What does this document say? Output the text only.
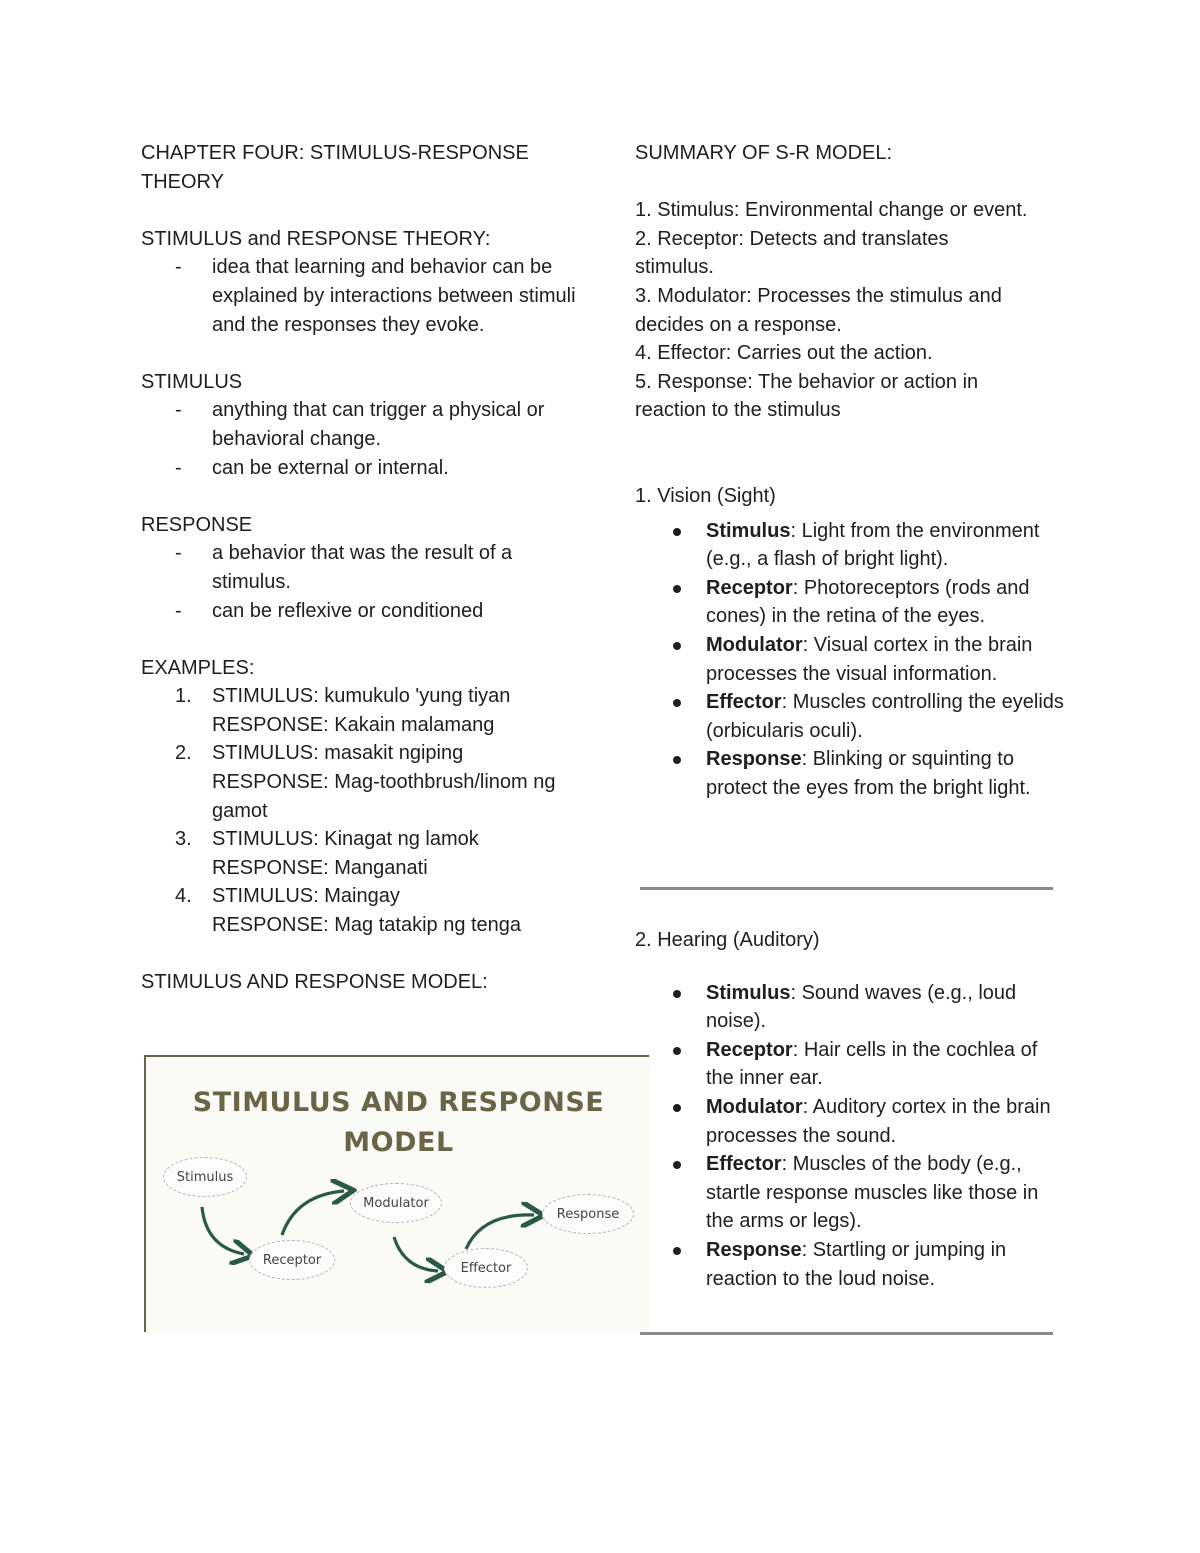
CHAPTER FOUR: STIMULUS-RESPONSE THEORY

STIMULUS and RESPONSE THEORY:

- idea that learning and behavior can be explained by interactions between stimuli and the responses they evoke.

STIMULUS

- anything that can trigger a physical or behavioral change.
- can be external or internal.

RESPONSE

- a behavior that was the result of a stimulus.
- can be reflexive or conditioned

EXAMPLES:

1. STIMULUS: kumukulo 'yung tiyan
RESPONSE: Kakain malamang
2. STIMULUS: masakit ngiping
RESPONSE: Mag-toothbrush/linom ng gamot
3. STIMULUS: Kinagat ng lamok
RESPONSE: Manganati
4. STIMULUS: Maingay
RESPONSE: Mag tatakip ng tenga

STIMULUS AND RESPONSE MODEL:

STIMULUS AND RESPONSE
MODEL
Stimulus
Receptor
Modulator
Effector
Response

SUMMARY OF S-R MODEL:

1. Stimulus: Environmental change or event.

2. Receptor: Detects and translates stimulus.

3. Modulator: Processes the stimulus and decides on a response.

4. Effector: Carries out the action.

5. Response: The behavior or action in reaction to the stimulus

1. Vision (Sight)

Stimulus: Light from the environment (e.g., a flash of bright light).
Receptor: Photoreceptors (rods and cones) in the retina of the eyes.
Modulator: Visual cortex in the brain processes the visual information.
Effector: Muscles controlling the eyelids (orbicularis oculi).
Response: Blinking or squinting to protect the eyes from the bright light.

2. Hearing (Auditory)

Stimulus: Sound waves (e.g., loud noise).
Receptor: Hair cells in the cochlea of the inner ear.
Modulator: Auditory cortex in the brain processes the sound.
Effector: Muscles of the body (e.g., startle response muscles like those in the arms or legs).
Response: Startling or jumping in reaction to the loud noise.
